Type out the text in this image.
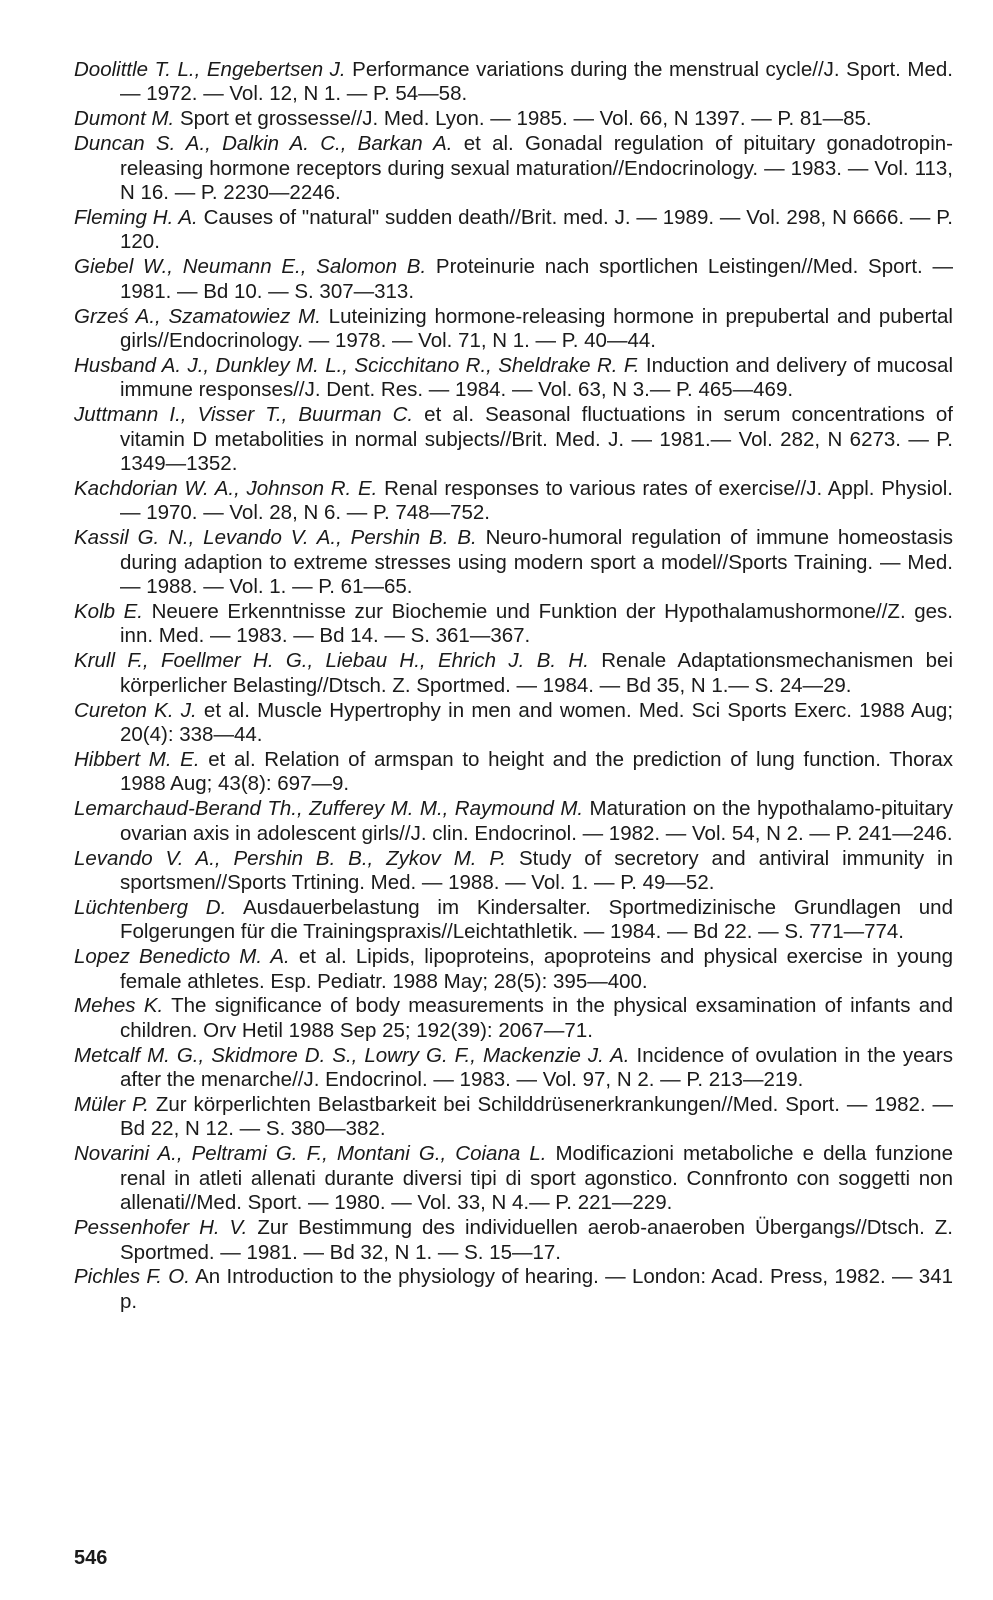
Doolittle T. L., Engebertsen J. Performance variations during the menstrual cycle//J. Sport. Med. — 1972. — Vol. 12, N 1. — P. 54—58.
Dumont M. Sport et grossesse//J. Med. Lyon. — 1985. — Vol. 66, N 1397. — P. 81—85.
Duncan S. A., Dalkin A. C., Barkan A. et al. Gonadal regulation of pituitary gonadotropin-releasing hormone receptors during sexual maturation//Endocrinology. — 1983. — Vol. 113, N 16. — P. 2230—2246.
Fleming H. A. Causes of "natural" sudden death//Brit. med. J. — 1989. — Vol. 298, N 6666. — P. 120.
Giebel W., Neumann E., Salomon B. Proteinurie nach sportlichen Leistingen//Med. Sport. — 1981. — Bd 10. — S. 307—313.
Grześ A., Szamatowiez M. Luteinizing hormone-releasing hormone in prepubertal and pubertal girls//Endocrinology. — 1978. — Vol. 71, N 1. — P. 40—44.
Husband A. J., Dunkley M. L., Scicchitano R., Sheldrake R. F. Induction and delivery of mucosal immune responses//J. Dent. Res. — 1984. — Vol. 63, N 3.— P. 465—469.
Juttmann I., Visser T., Buurman C. et al. Seasonal fluctuations in serum concentrations of vitamin D metabolities in normal subjects//Brit. Med. J. — 1981.— Vol. 282, N 6273. — P. 1349—1352.
Kachdorian W. A., Johnson R. E. Renal responses to various rates of exercise//J. Appl. Physiol. — 1970. — Vol. 28, N 6. — P. 748—752.
Kassil G. N., Levando V. A., Pershin B. B. Neuro-humoral regulation of immune homeostasis during adaption to extreme stresses using modern sport a model//Sports Training. — Med. — 1988. — Vol. 1. — P. 61—65.
Kolb E. Neuere Erkenntnisse zur Biochemie und Funktion der Hypothalamushormone//Z. ges. inn. Med. — 1983. — Bd 14. — S. 361—367.
Krull F., Foellmer H. G., Liebau H., Ehrich J. B. H. Renale Adaptationsmechanismen bei körperlicher Belasting//Dtsch. Z. Sportmed. — 1984. — Bd 35, N 1.— S. 24—29.
Cureton K. J. et al. Muscle Hypertrophy in men and women. Med. Sci Sports Exerc. 1988 Aug; 20(4): 338—44.
Hibbert M. E. et al. Relation of armspan to height and the prediction of lung function. Thorax 1988 Aug; 43(8): 697—9.
Lemarchaud-Berand Th., Zufferey M. M., Raymound M. Maturation on the hypothalamo-pituitary ovarian axis in adolescent girls//J. clin. Endocrinol. — 1982. — Vol. 54, N 2. — P. 241—246.
Levando V. A., Pershin B. B., Zykov M. P. Study of secretory and antiviral immunity in sportsmen//Sports Trtining. Med. — 1988. — Vol. 1. — P. 49—52.
Lüchtenberg D. Ausdauerbelastung im Kindersalter. Sportmedizinische Grundlagen und Folgerungen für die Trainingspraxis//Leichtathletik. — 1984. — Bd 22. — S. 771—774.
Lopez Benedicto M. A. et al. Lipids, lipoproteins, apoproteins and physical exercise in young female athletes. Esp. Pediatr. 1988 May; 28(5): 395—400.
Mehes K. The significance of body measurements in the physical exsamination of infants and children. Orv Hetil 1988 Sep 25; 192(39): 2067—71.
Metcalf M. G., Skidmore D. S., Lowry G. F., Mackenzie J. A. Incidence of ovulation in the years after the menarche//J. Endocrinol. — 1983. — Vol. 97, N 2. — P. 213—219.
Müler P. Zur körperlichten Belastbarkeit bei Schilddrüsenerkrankungen//Med. Sport. — 1982. — Bd 22, N 12. — S. 380—382.
Novarini A., Peltrami G. F., Montani G., Coiana L. Modificazioni metaboliche e della funzione renal in atleti allenati durante diversi tipi di sport agonstico. Connfronto con soggetti non allenati//Med. Sport. — 1980. — Vol. 33, N 4.— P. 221—229.
Pessenhofer H. V. Zur Bestimmung des individuellen aerob-anaeroben Übergangs//Dtsch. Z. Sportmed. — 1981. — Bd 32, N 1. — S. 15—17.
Pichles F. O. An Introduction to the physiology of hearing. — London: Acad. Press, 1982. — 341 p.
546
